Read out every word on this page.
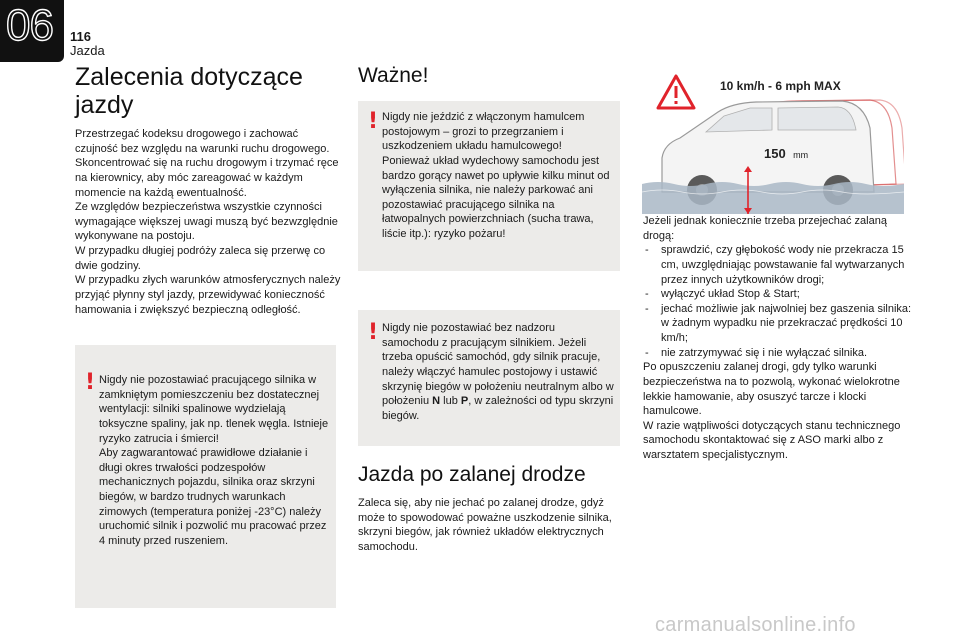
06 116
Jazda
Zalecenia dotyczące jazdy

Przestrzegać kodeksu drogowego i zachować czujność bez względu na warunki ruchu drogowego.

Skoncentrować się na ruchu drogowym i trzymać ręce na kierownicy, aby móc zareagować w każdym momencie na każdą ewentualność.

Ze względów bezpieczeństwa wszystkie czynności wymagające większej uwagi muszą być bezwzględnie wykonywane na postoju.

W przypadku długiej podróży zaleca się przerwę co dwie godziny.

W przypadku złych warunków atmosferycznych należy przyjąć płynny styl jazdy, przewidywać konieczność hamowania i zwiększyć bezpieczną odległość.

! Nigdy nie pozostawiać pracującego silnika w zamkniętym pomieszczeniu bez dostatecznej wentylacji: silniki spalinowe wydzielają toksyczne spaliny, jak np. tlenek węgla. Istnieje ryzyko zatrucia i śmierci!

Aby zagwarantować prawidłowe działanie i długi okres trwałości podzespołów mechanicznych pojazdu, silnika oraz skrzyni biegów, w bardzo trudnych warunkach zimowych (temperatura poniżej -23°C) należy uruchomić silnik i pozwolić mu pracować przez 4 minuty przed ruszeniem.

Ważne!
! Nigdy nie jeździć z włączonym hamulcem postojowym – grozi to przegrzaniem i uszkodzeniem układu hamulcowego!

Ponieważ układ wydechowy samochodu jest bardzo gorący nawet po upływie kilku minut od wyłączenia silnika, nie należy parkować ani pozostawiać pracującego silnika na łatwopalnych powierzchniach (sucha trawa, liście itp.): ryzyko pożaru!

! Nigdy nie pozostawiać bez nadzoru samochodu z pracującym silnikiem. Jeżeli trzeba opuścić samochód, gdy silnik pracuje, należy włączyć hamulec postojowy i ustawić skrzynię biegów w położeniu neutralnym albo w położeniu N lub P, w zależności od typu skrzyni biegów.

Jazda po zalanej drodze
Zaleca się, aby nie jechać po zalanej drodze, gdyż może to spowodować poważne uszkodzenie silnika, skrzyni biegów, jak również układów elektrycznych samochodu.
10 km/h - 6 mph MAX
150 mm

Jeżeli jednak koniecznie trzeba przejechać zalaną drogą:

- sprawdzić, czy głębokość wody nie przekracza 15 cm, uwzględniając powstawanie fal wytwarzanych przez innych użytkowników drogi;

- wyłączyć układ Stop & Start;

- jechać możliwie jak najwolniej bez gaszenia silnika: w żadnym wypadku nie przekraczać prędkości 10 km/h;

- nie zatrzymywać się i nie wyłączać silnika.

Po opuszczeniu zalanej drogi, gdy tylko warunki bezpieczeństwa na to pozwolą, wykonać wielokrotne lekkie hamowanie, aby osuszyć tarcze i klocki hamulcowe.

W razie wątpliwości dotyczących stanu technicznego samochodu skontaktować się z ASO marki albo z warsztatem specjalistycznym.

carmanualsonline.info
